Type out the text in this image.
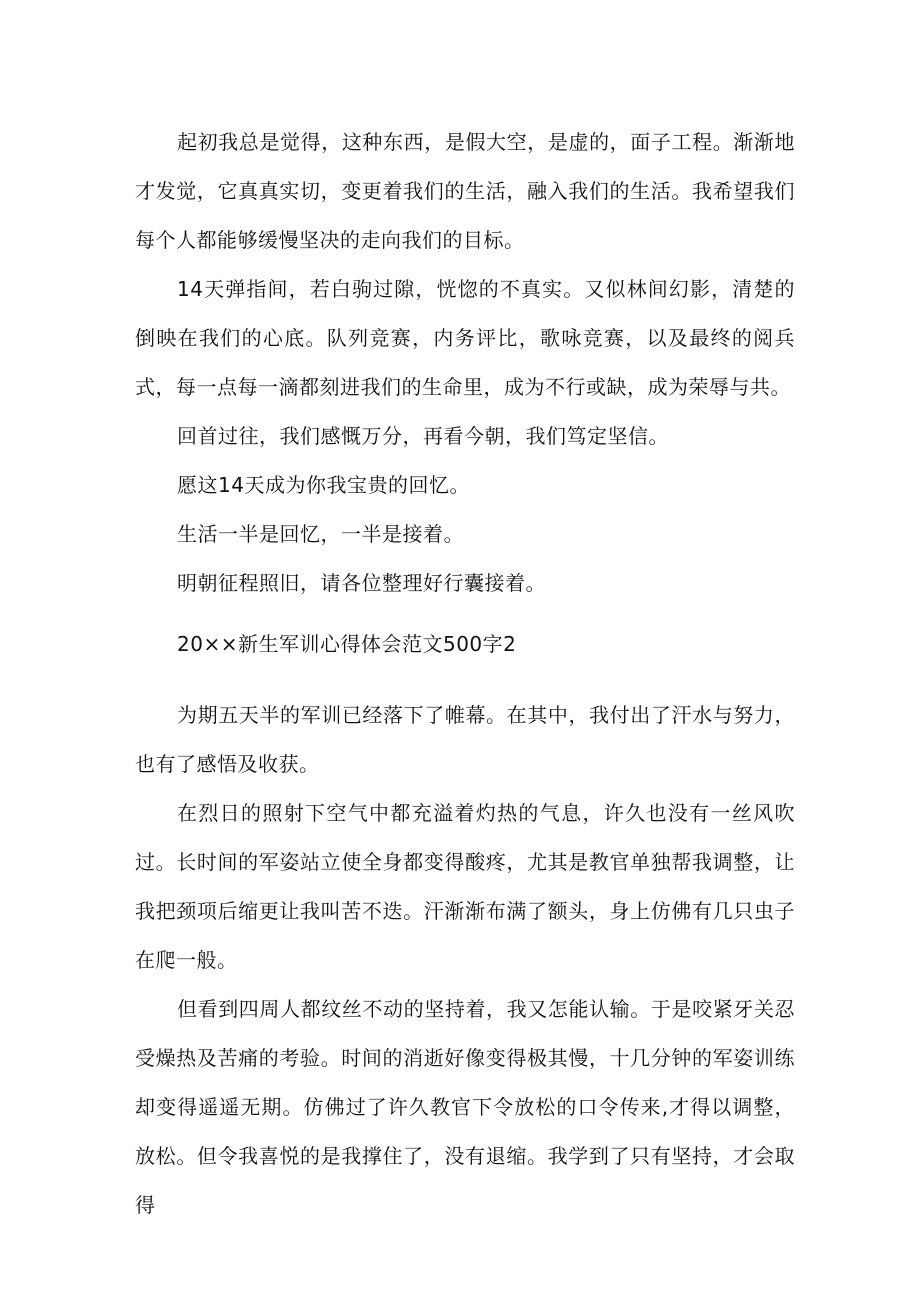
起初我总是觉得，这种东西，是假大空，是虚的，面子工程。渐渐地才发觉，它真真实切，变更着我们的生活，融入我们的生活。我希望我们每个人都能够缓慢坚决的走向我们的目标。

14天弹指间，若白驹过隙，恍惚的不真实。又似林间幻影，清楚的倒映在我们的心底。队列竞赛，内务评比，歌咏竞赛，以及最终的阅兵式，每一点每一滴都刻进我们的生命里，成为不行或缺，成为荣辱与共。

回首过往，我们感慨万分，再看今朝，我们笃定坚信。

愿这14天成为你我宝贵的回忆。

生活一半是回忆，一半是接着。

明朝征程照旧，请各位整理好行囊接着。

20××新生军训心得体会范文500字2

为期五天半的军训已经落下了帷幕。在其中，我付出了汗水与努力，也有了感悟及收获。

在烈日的照射下空气中都充溢着灼热的气息，许久也没有一丝风吹过。长时间的军姿站立使全身都变得酸疼，尤其是教官单独帮我调整，让我把颈项后缩更让我叫苦不迭。汗渐渐布满了额头，身上仿佛有几只虫子在爬一般。

但看到四周人都纹丝不动的坚持着，我又怎能认输。于是咬紧牙关忍受燥热及苦痛的考验。时间的消逝好像变得极其慢，十几分钟的军姿训练却变得遥遥无期。仿佛过了许久教官下令放松的口令传来,才得以调整，放松。但令我喜悦的是我撑住了，没有退缩。我学到了只有坚持，才会取得
